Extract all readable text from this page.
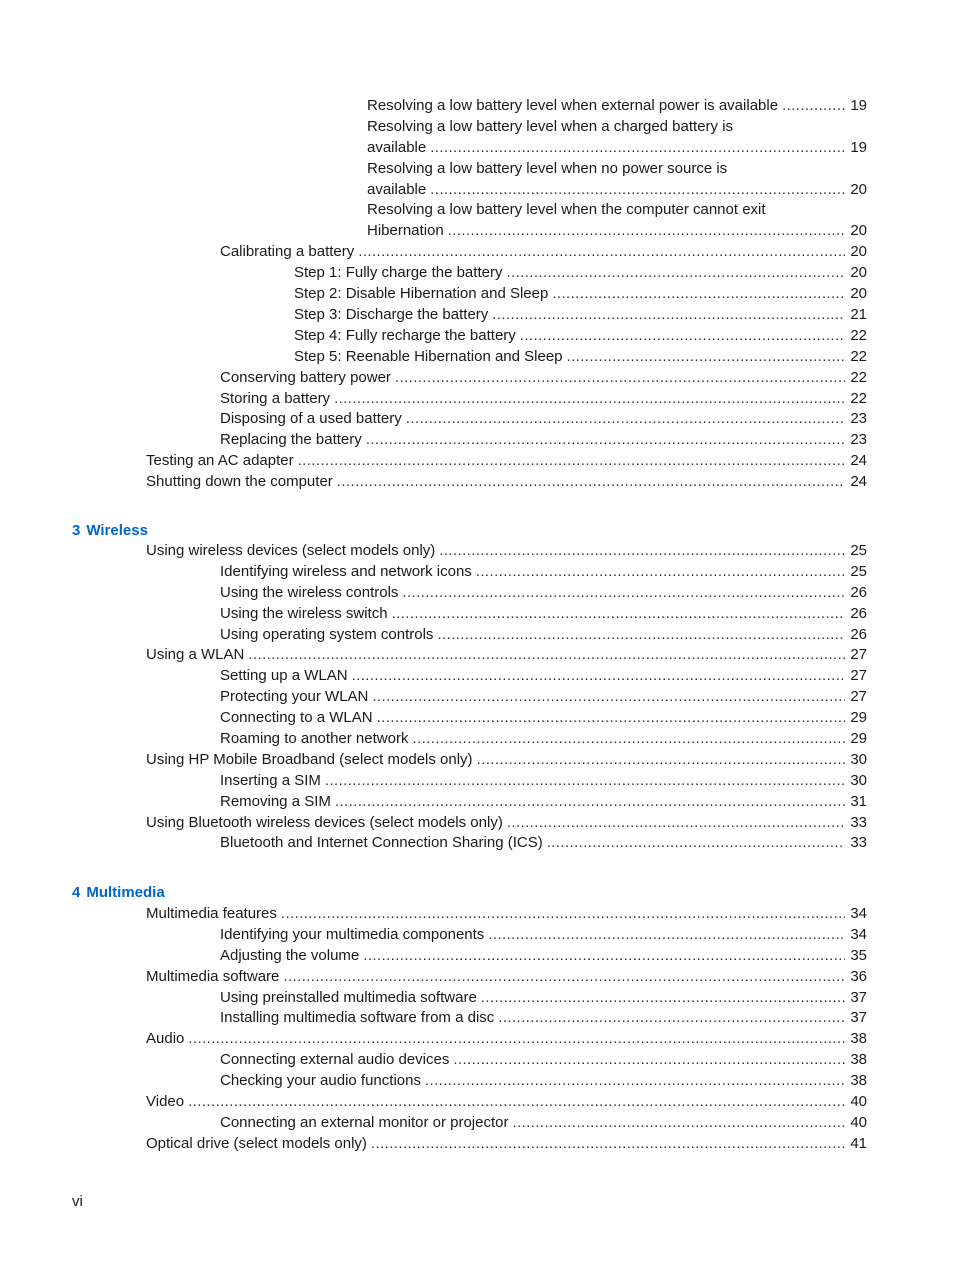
Resolving a low battery level when external power is available .....	19
Resolving a low battery level when a charged battery is
available .....	19
Resolving a low battery level when no power source is
available .....	20
Resolving a low battery level when the computer cannot exit
Hibernation .....	20
Calibrating a battery .....	20
Step 1: Fully charge the battery .....	20
Step 2: Disable Hibernation and Sleep .....	20
Step 3: Discharge the battery .....	21
Step 4: Fully recharge the battery .....	22
Step 5: Reenable Hibernation and Sleep .....	22
Conserving battery power .....	22
Storing a battery .....	22
Disposing of a used battery .....	23
Replacing the battery .....	23
Testing an AC adapter .....	24
Shutting down the computer .....	24
3 Wireless
Using wireless devices (select models only) .....	25
Identifying wireless and network icons .....	25
Using the wireless controls .....	26
Using the wireless switch .....	26
Using operating system controls .....	26
Using a WLAN .....	27
Setting up a WLAN .....	27
Protecting your WLAN .....	27
Connecting to a WLAN .....	29
Roaming to another network .....	29
Using HP Mobile Broadband (select models only) .....	30
Inserting a SIM .....	30
Removing a SIM .....	31
Using Bluetooth wireless devices (select models only) .....	33
Bluetooth and Internet Connection Sharing (ICS) .....	33
4 Multimedia
Multimedia features .....	34
Identifying your multimedia components .....	34
Adjusting the volume .....	35
Multimedia software .....	36
Using preinstalled multimedia software .....	37
Installing multimedia software from a disc .....	37
Audio .....	38
Connecting external audio devices .....	38
Checking your audio functions .....	38
Video .....	40
Connecting an external monitor or projector .....	40
Optical drive (select models only) .....	41
vi
